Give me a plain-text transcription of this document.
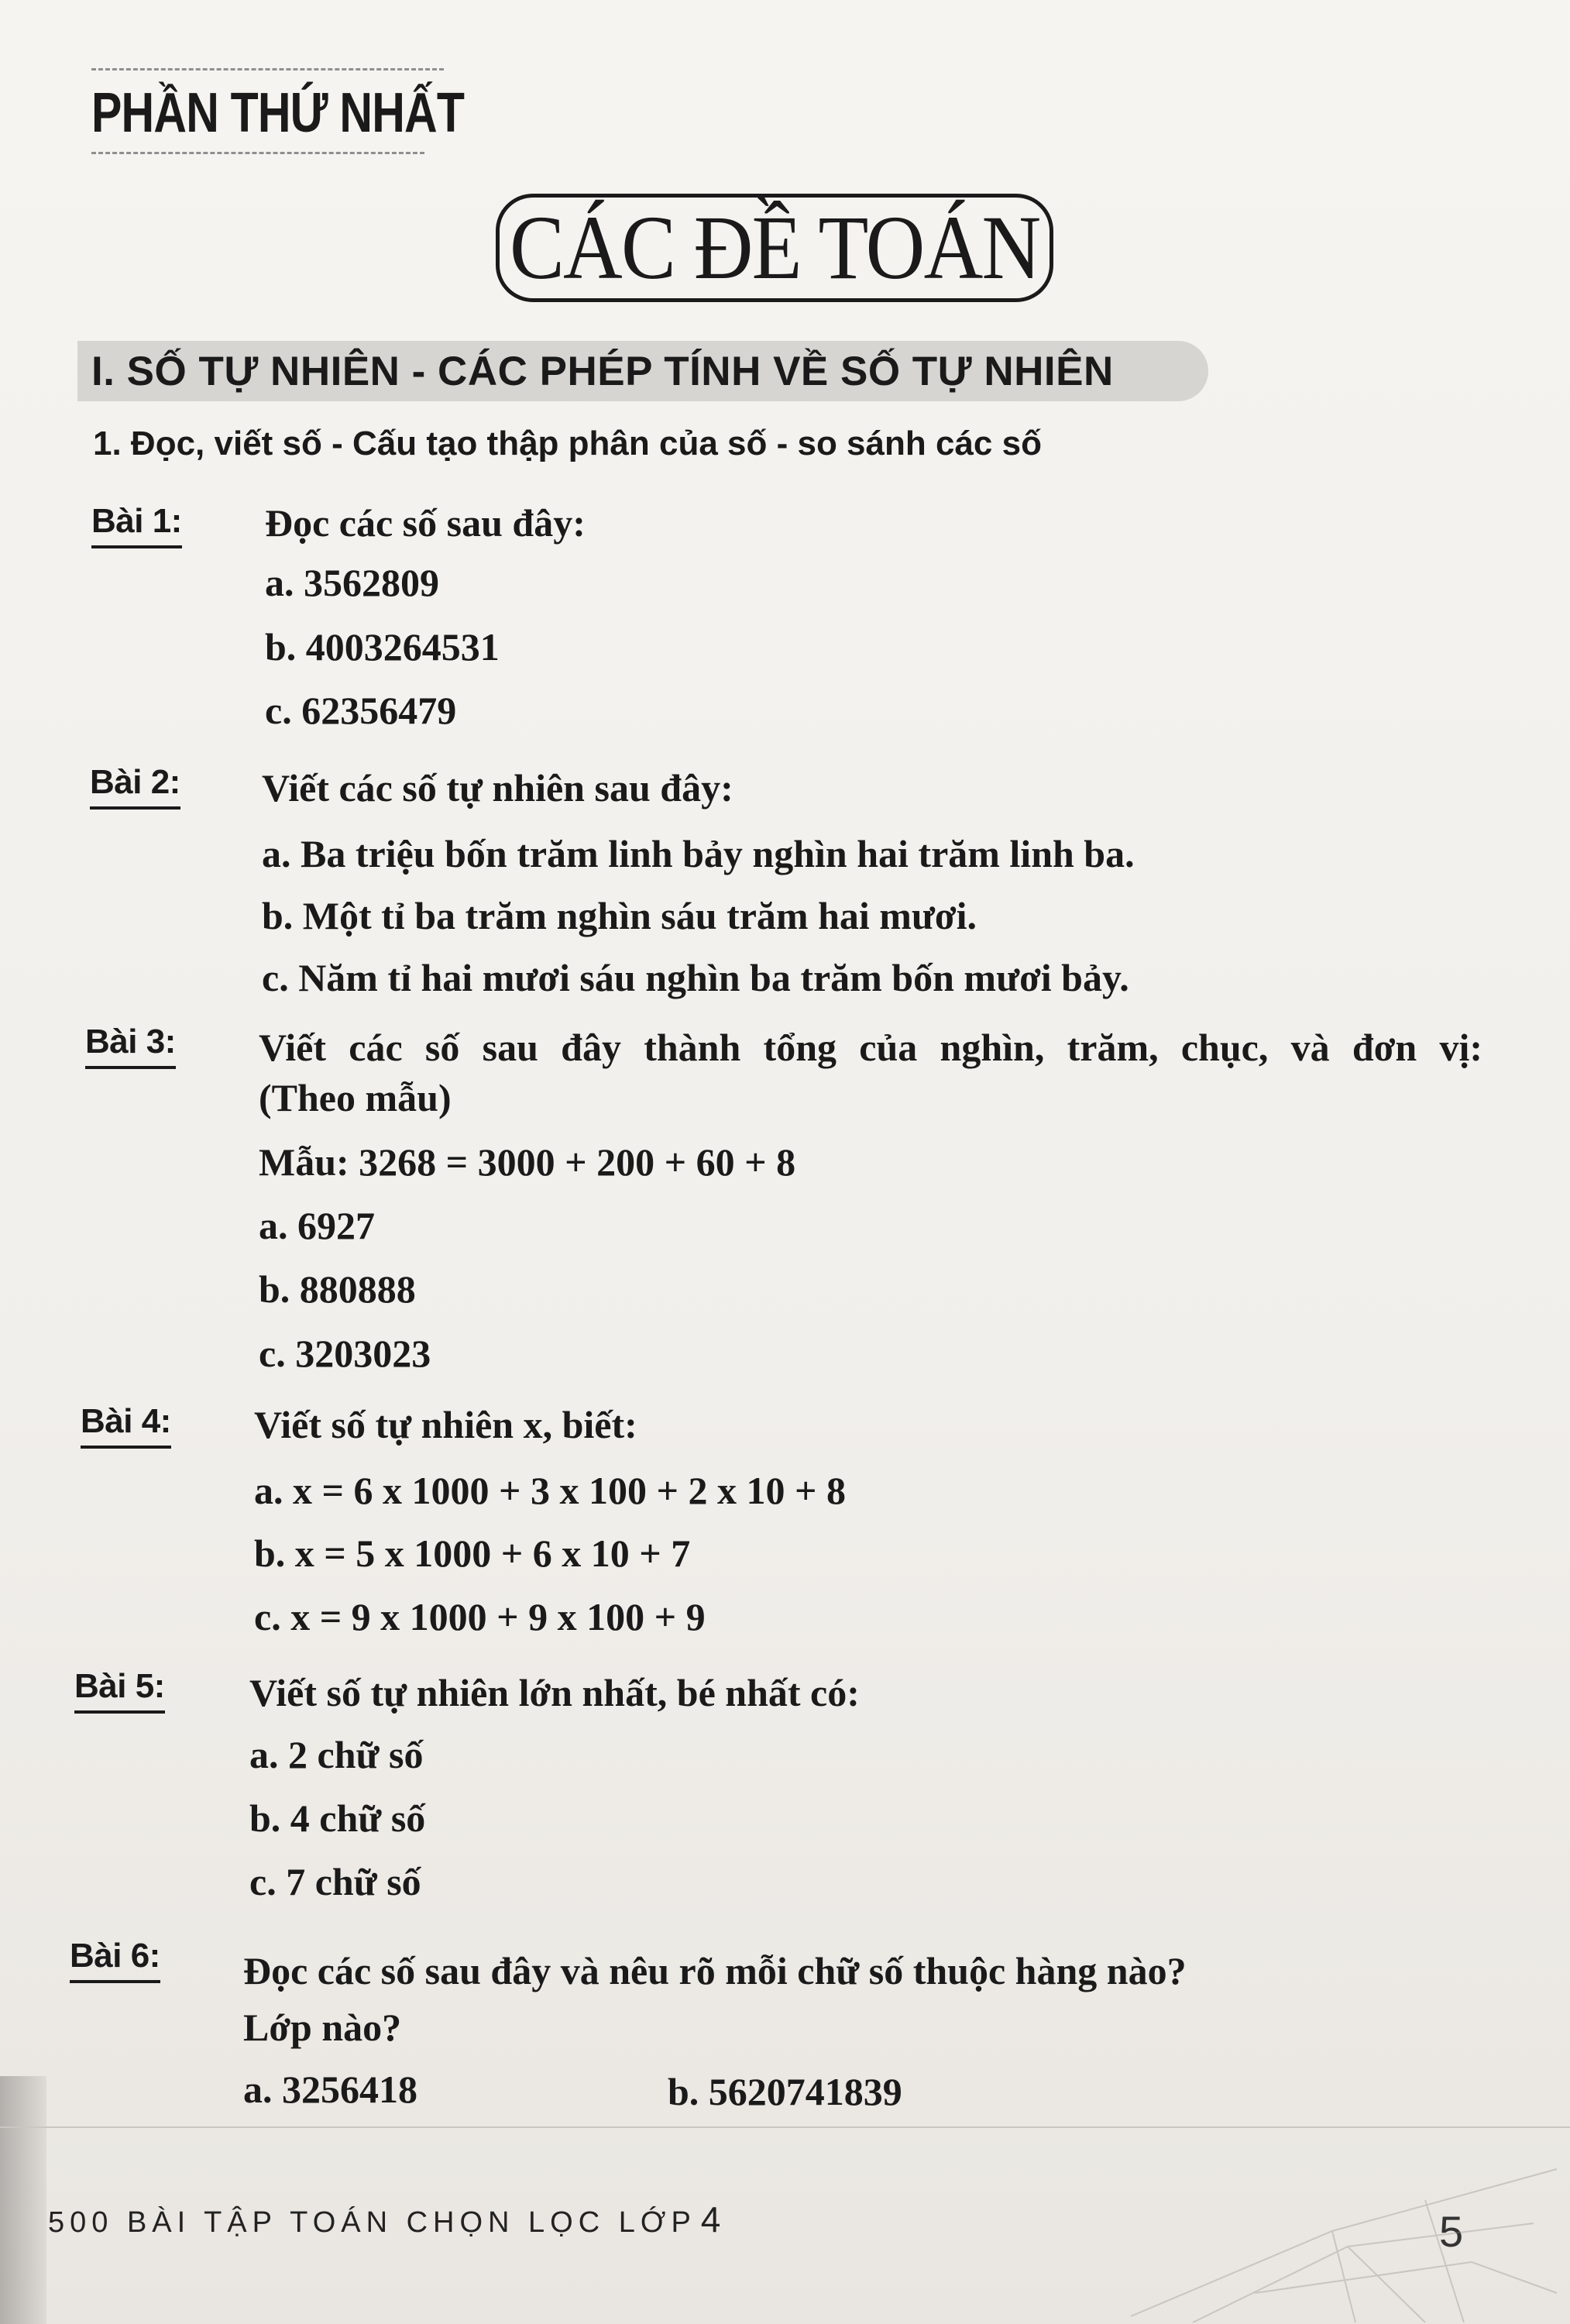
PHẦN THỨ NHẤT
CÁC ĐỀ TOÁN
I. SỐ TỰ NHIÊN - CÁC PHÉP TÍNH VỀ SỐ TỰ NHIÊN
1. Đọc, viết số - Cấu tạo thập phân của số - so sánh các số
Bài 1: Đọc các số sau đây:
a. 3562809
b. 4003264531
c. 62356479
Bài 2: Viết các số tự nhiên sau đây:
a. Ba triệu bốn trăm linh bảy nghìn hai trăm linh ba.
b. Một tỉ ba trăm nghìn sáu trăm hai mươi.
c. Năm tỉ hai mươi sáu nghìn ba trăm bốn mươi bảy.
Bài 3: Viết các số sau đây thành tổng của nghìn, trăm, chục, và đơn vị:
(Theo mẫu)
Mẫu: 3268 = 3000 + 200 + 60 + 8
a. 6927
b. 880888
c. 3203023
Bài 4: Viết số tự nhiên x, biết:
a. x = 6 x 1000 + 3 x 100 + 2 x 10 + 8
b. x = 5 x 1000 + 6 x 10 + 7
c. x = 9 x 1000 + 9 x 100 + 9
Bài 5: Viết số tự nhiên lớn nhất, bé nhất có:
a. 2 chữ số
b. 4 chữ số
c. 7 chữ số
Bài 6: Đọc các số sau đây và nêu rõ mỗi chữ số thuộc hàng nào?
Lớp nào?
a. 3256418	b. 5620741839
500 BÀI TẬP TOÁN CHỌN LỌC LỚP 4	5
